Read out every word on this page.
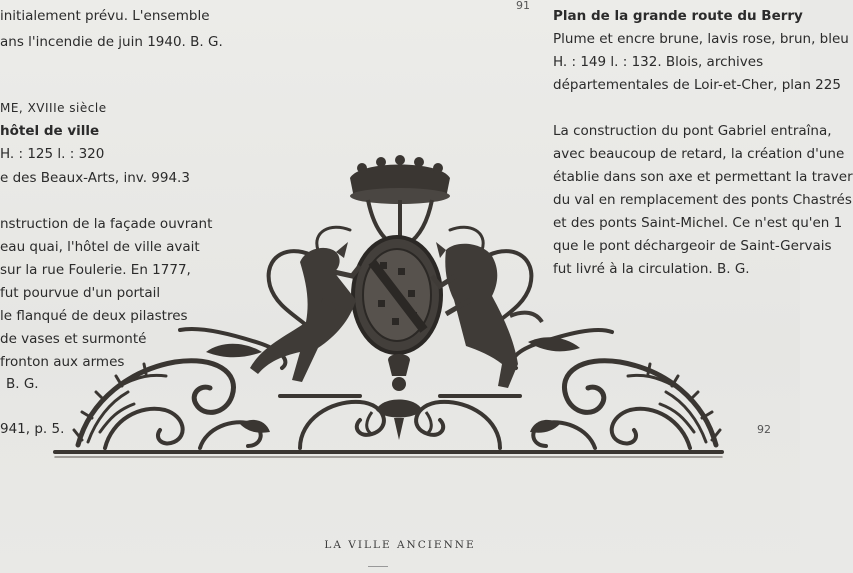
initialement prévu. L'ensemble
ans l'incendie de juin 1940. B. G.
ME, XVIIIe siècle
hôtel de ville
H. : 125 l. : 320
e des Beaux-Arts, inv. 994.3
nstruction de la façade ouvrant
eau quai, l'hôtel de ville avait
sur la rue Foulerie. En 1777,
fut pourvue d'un portail
le flanqué de deux pilastres
de vases et surmonté
fronton aux armes
B. G.
941, p. 5.
91
92
Plan de la grande route du Berry
Plume et encre brune, lavis rose, brun, bleu
H. : 149 l. : 132. Blois, archives
départementales de Loir-et-Cher, plan 225
La construction du pont Gabriel entraîna,
avec beaucoup de retard, la création d'une
établie dans son axe et permettant la traver
du val en remplacement des ponts Chastrés
et des ponts Saint-Michel. Ce n'est qu'en 1
que le pont déchargeoir de Saint-Gervais
fut livré à la circulation. B. G.
LA VILLE ANCIENNE
